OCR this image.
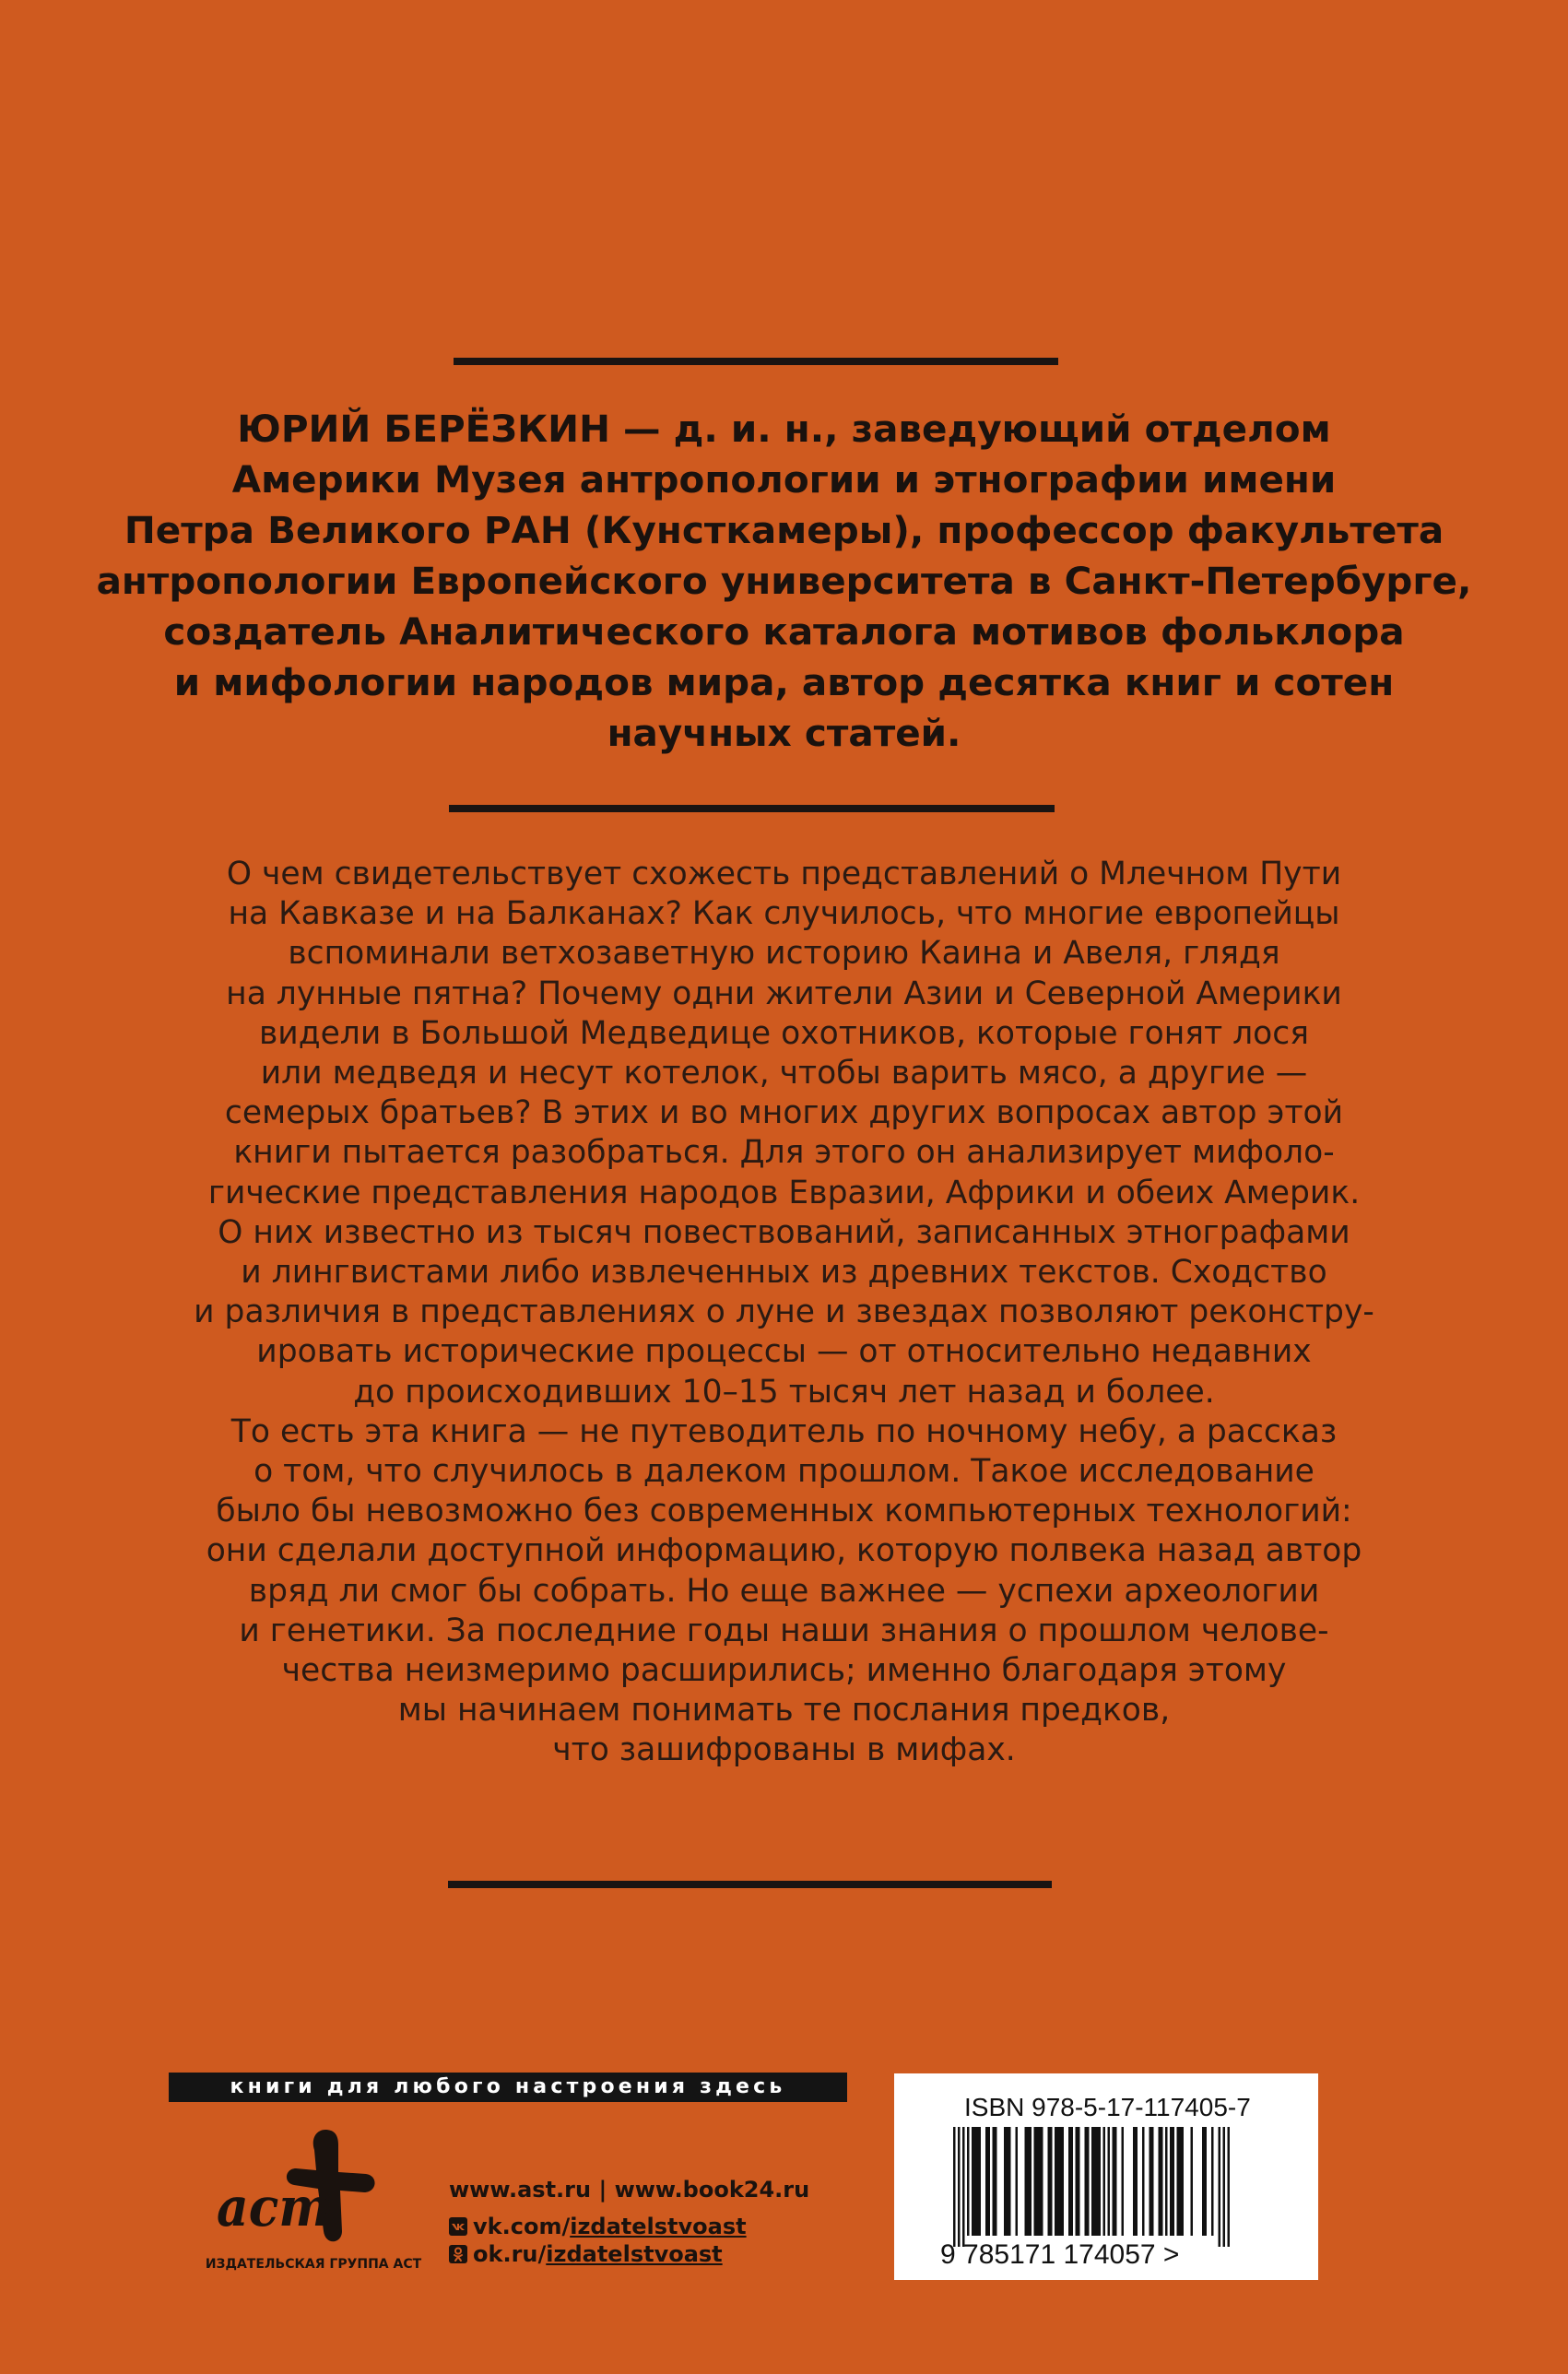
ЮРИЙ БЕРЁЗКИН — д. и. н., заведующий отделом
Америки Музея антропологии и этнографии имени
Петра Великого РАН (Кунсткамеры), профессор факультета
антропологии Европейского университета в Санкт-Петербурге,
создатель Аналитического каталога мотивов фольклора
и мифологии народов мира, автор десятка книг и сотен
научных статей.
О чем свидетельствует схожесть представлений о Млечном Пути
на Кавказе и на Балканах? Как случилось, что многие европейцы
вспоминали ветхозаветную историю Каина и Авеля, глядя
на лунные пятна? Почему одни жители Азии и Северной Америки
видели в Большой Медведице охотников, которые гонят лося
или медведя и несут котелок, чтобы варить мясо, а другие —
семерых братьев? В этих и во многих других вопросах автор этой
книги пытается разобраться. Для этого он анализирует мифоло-
гические представления народов Евразии, Африки и обеих Америк.
О них известно из тысяч повествований, записанных этнографами
и лингвистами либо извлеченных из древних текстов. Сходство
и различия в представлениях о луне и звездах позволяют реконстру-
ировать исторические процессы — от относительно недавних
до происходивших 10–15 тысяч лет назад и более.
То есть эта книга — не путеводитель по ночному небу, а рассказ
о том, что случилось в далеком прошлом. Такое исследование
было бы невозможно без современных компьютерных технологий:
они сделали доступной информацию, которую полвека назад автор
вряд ли смог бы собрать. Но еще важнее — успехи археологии
и генетики. За последние годы наши знания о прошлом челове-
чества неизмеримо расширились; именно благодаря этому
мы начинаем понимать те послания предков,
что зашифрованы в мифах.
книги для любого настроения здесь
аст
ИЗДАТЕЛЬСКАЯ ГРУППА АСТ
www.ast.ru | www.book24.ru
vk.com/ izdatelstvoast
ok.ru/ izdatelstvoast
ISBN 978-5-17-117405-7
9 785171 174057 >
